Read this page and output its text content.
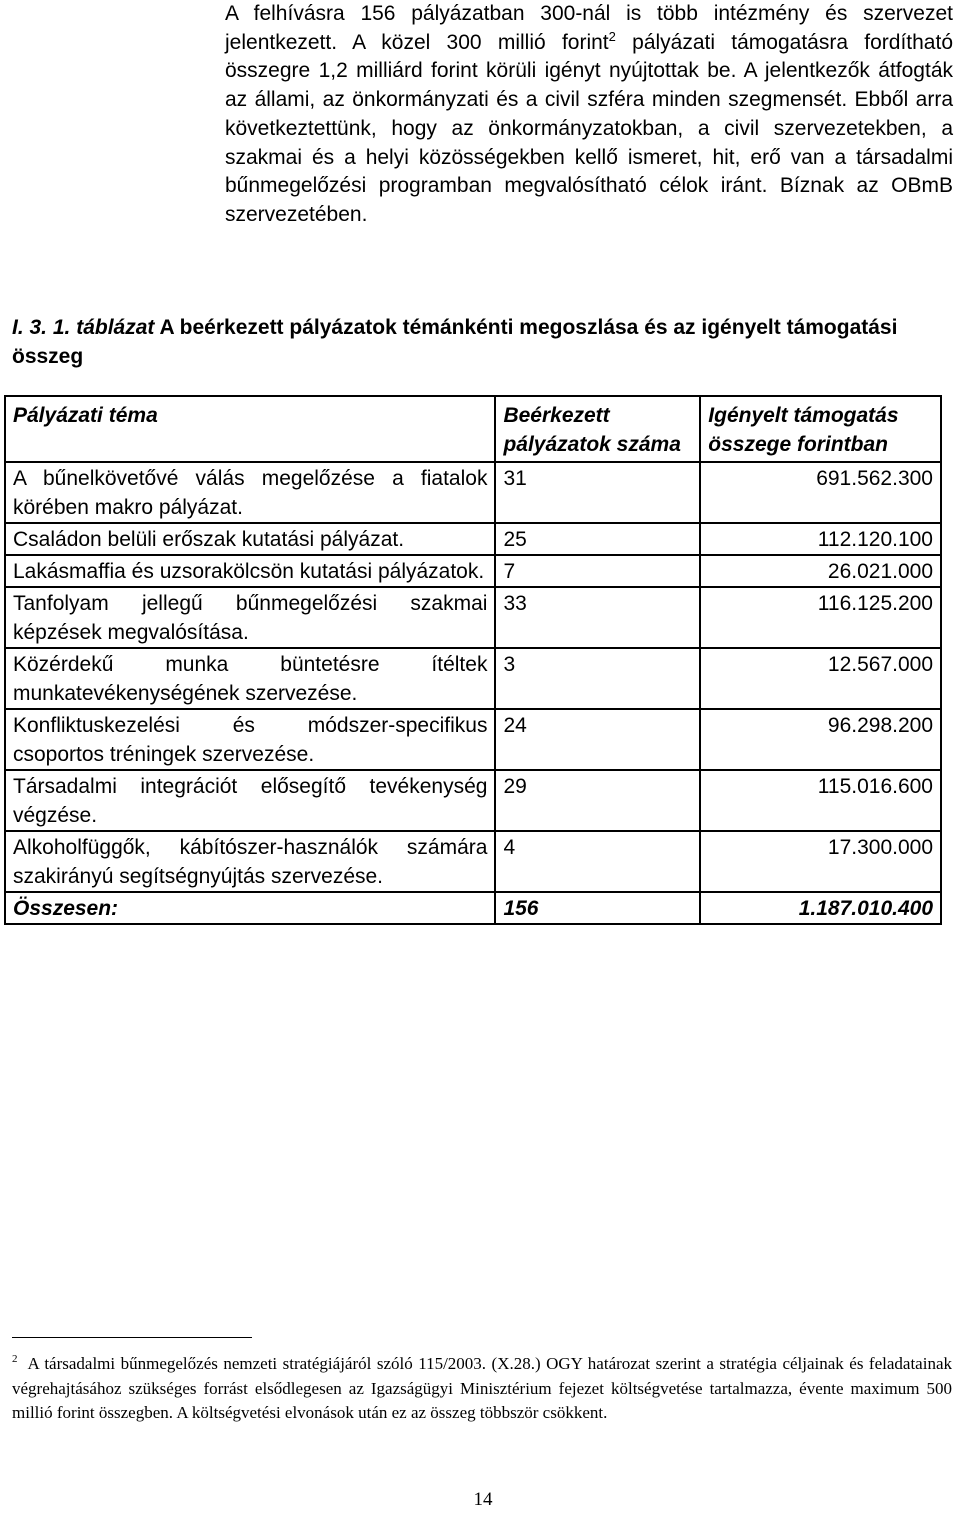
A felhívásra 156 pályázatban 300-nál is több intézmény és szervezet jelentkezett. A közel 300 millió forint$^2$ pályázati támogatásra fordítható összegre 1,2 milliárd forint körüli igényt nyújtottak be. A jelentkezők átfogták az állami, az önkormányzati és a civil szféra minden szegmensét. Ebből arra következtettünk, hogy az önkormányzatokban, a civil szervezetekben, a szakmai és a helyi közösségekben kellő ismeret, hit, erő van a társadalmi bűnmegelőzési programban megvalósítható célok iránt. Bíznak az OBmB szervezetében.

I. 3. 1. táblázat A beérkezett pályázatok témánkénti megoszlása és az igényelt támogatási összeg

Pályázati téma	Beérkezett pályázatok száma	Igényelt támogatás összege forintban
A bűnelkövetővé válás megelőzése a fiatalok körében makro pályázat.	31	691.562.300
Családon belüli erőszak kutatási pályázat.	25	112.120.100
Lakásmaffia és uzsorakölcsön kutatási pályázatok.	7	26.021.000
Tanfolyam jellegű bűnmegelőzési szakmai képzések megvalósítása.	33	116.125.200
Közérdekű munka büntetésre ítéltek munkatevékenységének szervezése.	3	12.567.000
Konfliktuskezelési és módszer-specifikus csoportos tréningek szervezése.	24	96.298.200
Társadalmi integrációt elősegítő tevékenység végzése.	29	115.016.600
Alkoholfüggők, kábítószer-használók számára szakirányú segítségnyújtás szervezése.	4	17.300.000
Összesen:	156	1.187.010.400

$^2$ A társadalmi bűnmegelőzés nemzeti stratégiájáról szóló 115/2003. (X.28.) OGY határozat szerint a stratégia céljainak és feladatainak végrehajtásához szükséges forrást elsődlegesen az Igazságügyi Minisztérium fejezet költségvetése tartalmazza, évente maximum 500 millió forint összegben. A költségvetési elvonások után ez az összeg többször csökkent.

14
